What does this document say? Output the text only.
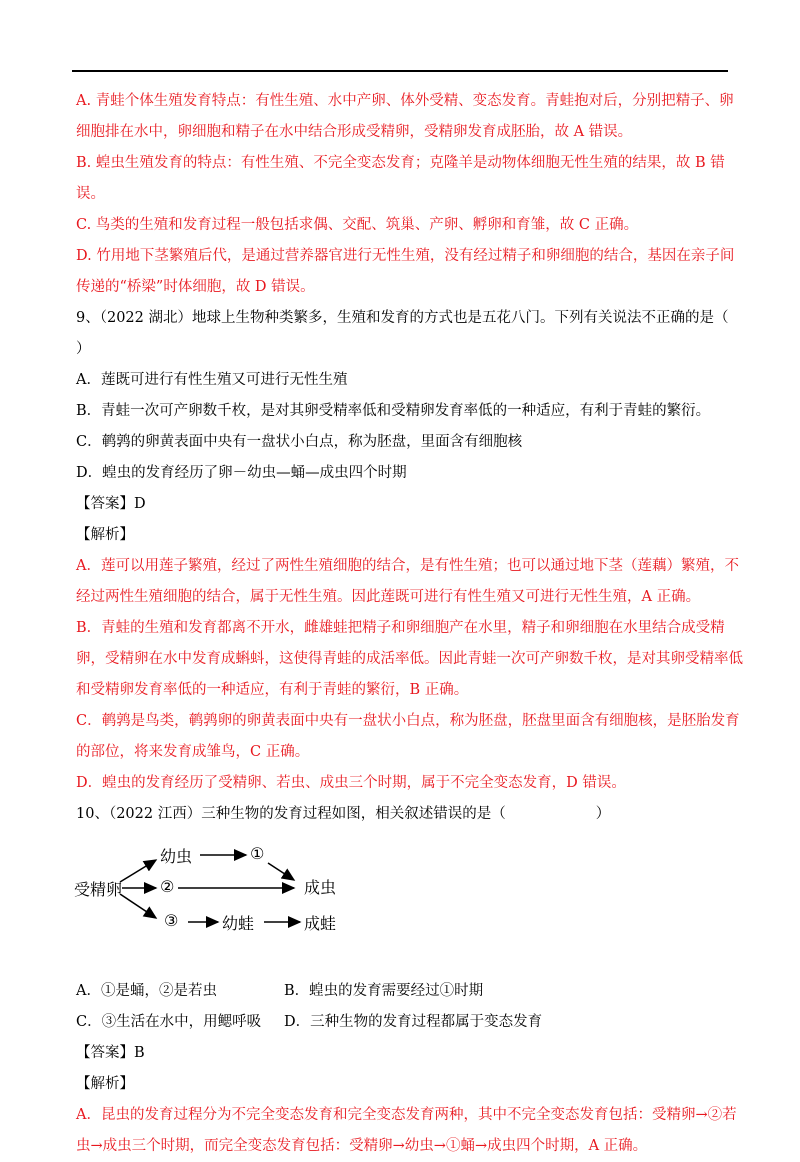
A. 青蛙个体生殖发育特点：有性生殖、水中产卵、体外受精、变态发育。青蛙抱对后，分别把精子、卵
细胞排在水中，卵细胞和精子在水中结合形成受精卵，受精卵发育成胚胎，故 A 错误。
B. 蝗虫生殖发育的特点：有性生殖、不完全变态发育；克隆羊是动物体细胞无性生殖的结果，故 B 错
误。
C. 鸟类的生殖和发育过程一般包括求偶、交配、筑巢、产卵、孵卵和育雏，故 C 正确。
D. 竹用地下茎繁殖后代，是通过营养器官进行无性生殖，没有经过精子和卵细胞的结合，基因在亲子间
传递的“桥梁”时体细胞，故 D 错误。
9、（2022 湖北）地球上生物种类繁多，生殖和发育的方式也是五花八门。下列有关说法不正确的是（
）
A．莲既可进行有性生殖又可进行无性生殖
B．青蛙一次可产卵数千枚，是对其卵受精率低和受精卵发育率低的一种适应，有利于青蛙的繁衍。
C．鹌鹑的卵黄表面中央有一盘状小白点，称为胚盘，里面含有细胞核
D．蝗虫的发育经历了卵－幼虫—蛹—成虫四个时期
【答案】D
【解析】
A．莲可以用莲子繁殖，经过了两性生殖细胞的结合，是有性生殖；也可以通过地下茎（莲藕）繁殖，不
经过两性生殖细胞的结合，属于无性生殖。因此莲既可进行有性生殖又可进行无性生殖，A 正确。
B．青蛙的生殖和发育都离不开水，雌雄蛙把精子和卵细胞产在水里，精子和卵细胞在水里结合成受精
卵，受精卵在水中发育成蝌蚪，这使得青蛙的成活率低。因此青蛙一次可产卵数千枚，是对其卵受精率低
和受精卵发育率低的一种适应，有利于青蛙的繁衍，B 正确。
C．鹌鹑是鸟类，鹌鹑卵的卵黄表面中央有一盘状小白点，称为胚盘，胚盘里面含有细胞核，是胚胎发育
的部位，将来发育成雏鸟，C 正确。
D．蝗虫的发育经历了受精卵、若虫、成虫三个时期，属于不完全变态发育，D 错误。
10、（2022 江西）三种生物的发育过程如图，相关叙述错误的是（	）
受精卵
幼虫	①
②	成虫
③	幼蛙	成蛙
A．①是蛹，②是若虫	B．蝗虫的发育需要经过①时期
C．③生活在水中，用鳃呼吸	D．三种生物的发育过程都属于变态发育
【答案】B
【解析】
A．昆虫的发育过程分为不完全变态发育和完全变态发育两种，其中不完全变态发育包括：受精卵→②若
虫→成虫三个时期，而完全变态发育包括：受精卵→幼虫→①蛹→成虫四个时期，A 正确。
